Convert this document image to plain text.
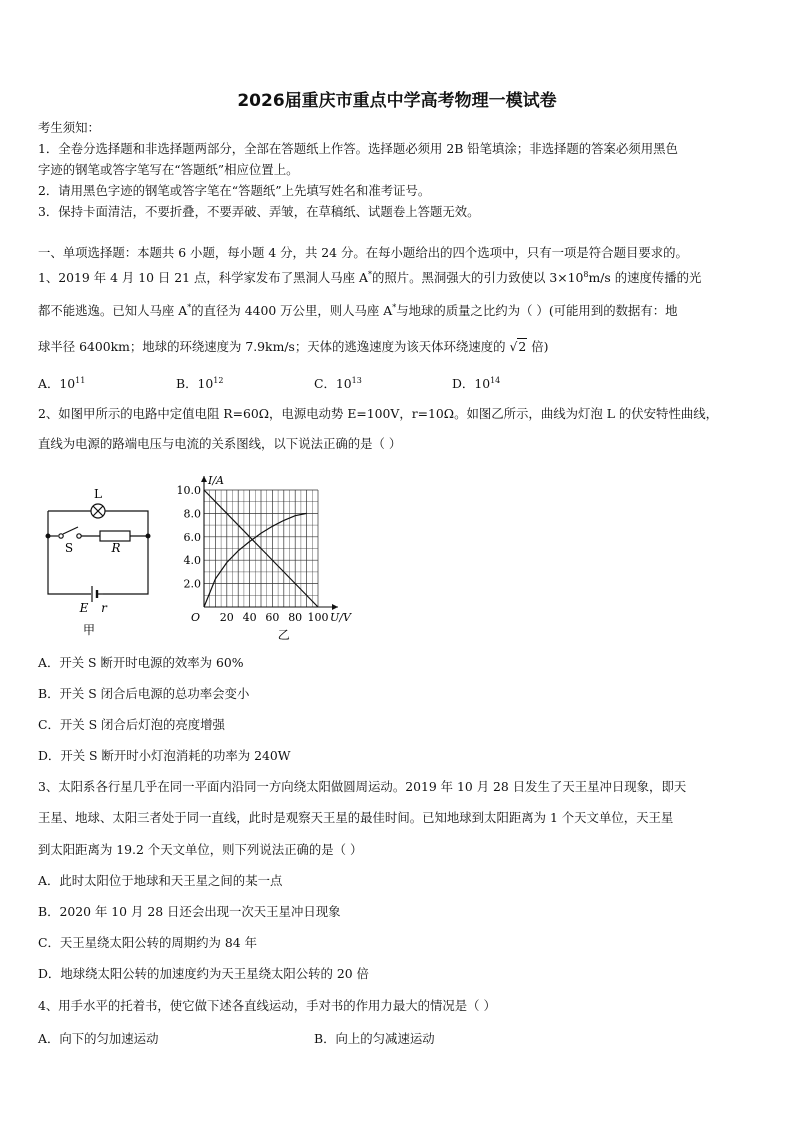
2026届重庆市重点中学高考物理一模试卷
考生须知：
1．全卷分选择题和非选择题两部分，全部在答题纸上作答。选择题必须用 2B 铅笔填涂；非选择题的答案必须用黑色
字迹的钢笔或答字笔写在“答题纸”相应位置上。
2．请用黑色字迹的钢笔或答字笔在“答题纸”上先填写姓名和准考证号。
3．保持卡面清洁，不要折叠，不要弄破、弄皱，在草稿纸、试题卷上答题无效。
一、单项选择题：本题共 6 小题，每小题 4 分，共 24 分。在每小题给出的四个选项中，只有一项是符合题目要求的。
1、2019 年 4 月 10 日 21 点，科学家发布了黑洞人马座 A*的照片。黑洞强大的引力致使以 $3\times 10^8m/s$ 的速度传播的光
都不能逃逸。已知人马座 A*的直径为 4400 万公里，则人马座 A*与地球的质量之比约为（ ）(可能用到的数据有：地
球半径 6400km；地球的环绕速度为 7.9km/s；天体的逃逸速度为该天体环绕速度的 √2 倍)
A．$10^{11}$	B．$10^{12}$	C．$10^{13}$	D．$10^{14}$
2、如图甲所示的电路中定值电阻 R=60Ω，电源电动势 E=100V，r=10Ω。如图乙所示，曲线为灯泡 L 的伏安特性曲线，
直线为电源的路端电压与电流的关系图线，以下说法正确的是（ ）
L
S	R
E r
甲
20 40 60 80 100
2.0
4.0
6.0
8.0
10.0
O	U/V
I/A
乙
A．开关 S 断开时电源的效率为 60%
B．开关 S 闭合后电源的总功率会变小
C．开关 S 闭合后灯泡的亮度增强
D．开关 S 断开时小灯泡消耗的功率为 240W
3、太阳系各行星几乎在同一平面内沿同一方向绕太阳做圆周运动。2019 年 10 月 28 日发生了天王星冲日现象，即天
王星、地球、太阳三者处于同一直线，此时是观察天王星的最佳时间。已知地球到太阳距离为 1 个天文单位，天王星
到太阳距离为 19.2 个天文单位，则下列说法正确的是（ ）
A．此时太阳位于地球和天王星之间的某一点
B．2020 年 10 月 28 日还会出现一次天王星冲日现象
C．天王星绕太阳公转的周期约为 84 年
D．地球绕太阳公转的加速度约为天王星绕太阳公转的 20 倍
4、用手水平的托着书，使它做下述各直线运动，手对书的作用力最大的情况是（ ）
A．向下的匀加速运动	B．向上的匀减速运动
